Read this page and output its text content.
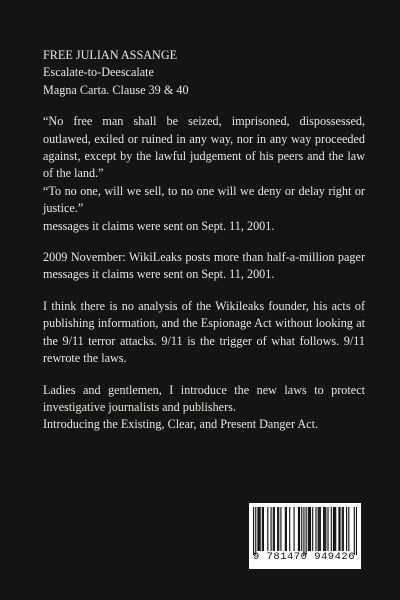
FREE JULIAN ASSANGE
Escalate-to-Deescalate
Magna Carta. Clause 39 & 40

“No free man shall be seized, imprisoned, dispossessed, outlawed, exiled or ruined in any way, nor in any way proceeded against, except by the lawful judgement of his peers and the law of the land.”

“To no one, will we sell, to no one will we deny or delay right or justice.”

messages it claims were sent on Sept. 11, 2001.

2009 November: WikiLeaks posts more than half-a-million pager messages it claims were sent on Sept. 11, 2001.

I think there is no analysis of the Wikileaks founder, his acts of publishing information, and the Espionage Act without looking at the 9/11 terror attacks. 9/11 is the trigger of what follows. 9/11 rewrote the laws.

Ladies and gentlemen, I introduce the new laws to protect investigative journalists and publishers.

Introducing the Existing, Clear, and Present Danger Act.

9 781470 949426
